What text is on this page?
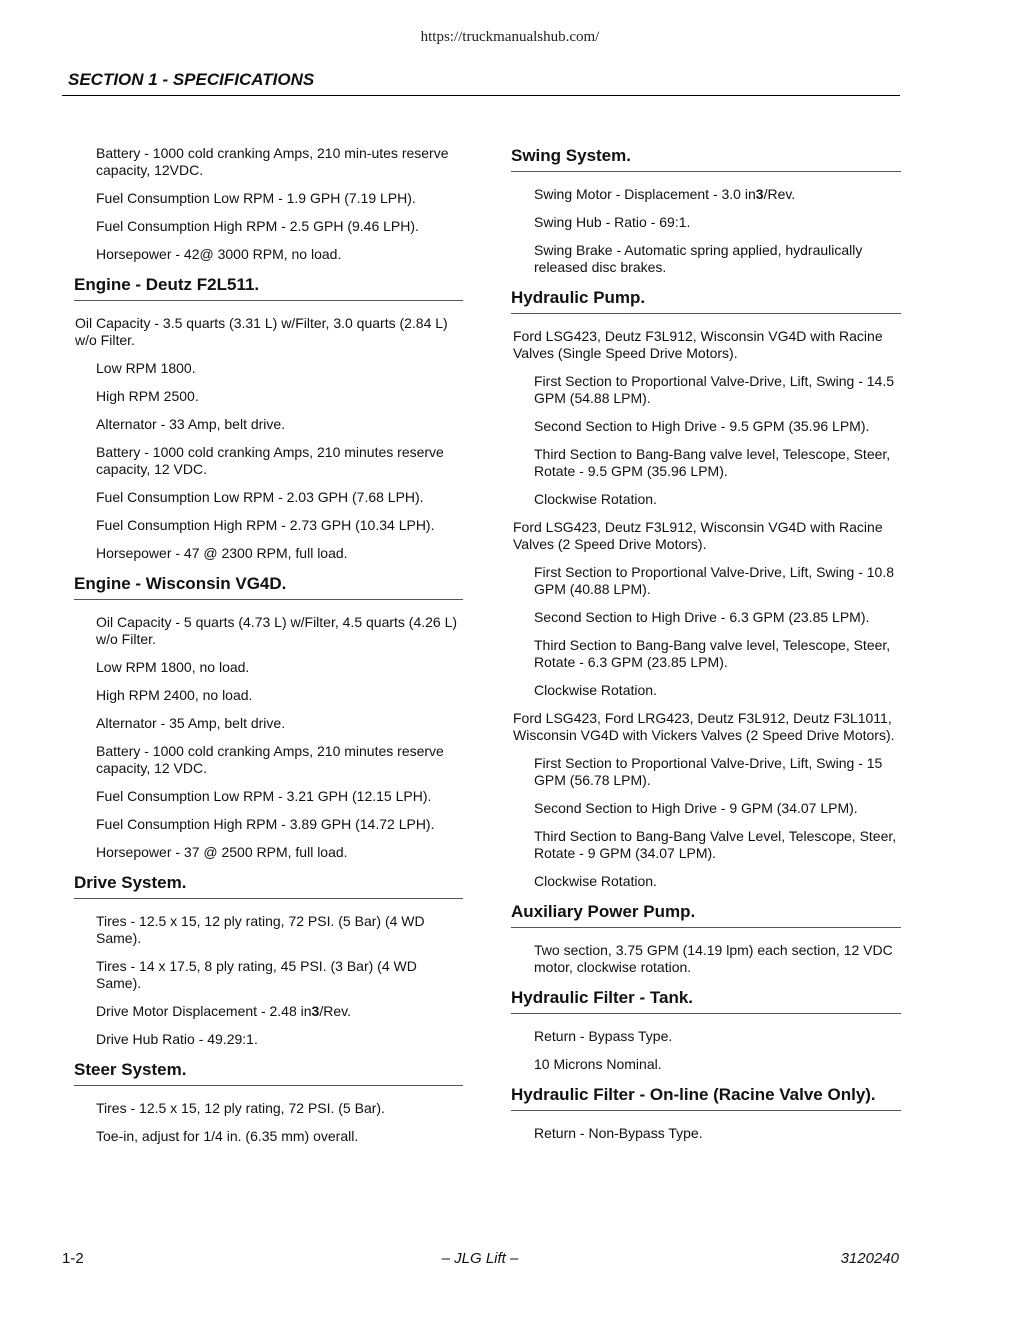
https://truckmanualshub.com/
SECTION 1 - SPECIFICATIONS

Battery - 1000 cold cranking Amps, 210 min-utes reserve capacity, 12VDC.

Fuel Consumption Low RPM - 1.9 GPH (7.19 LPH).

Fuel Consumption High RPM - 2.5 GPH (9.46 LPH).

Horsepower - 42@ 3000 RPM, no load.

Engine - Deutz F2L511.

Oil Capacity - 3.5 quarts (3.31 L) w/Filter, 3.0 quarts (2.84 L) w/o Filter.

Low RPM 1800.

High RPM 2500.

Alternator - 33 Amp, belt drive.

Battery - 1000 cold cranking Amps, 210 minutes reserve capacity, 12 VDC.

Fuel Consumption Low RPM - 2.03 GPH (7.68 LPH).

Fuel Consumption High RPM - 2.73 GPH (10.34 LPH).

Horsepower - 47 @ 2300 RPM, full load.

Engine - Wisconsin VG4D.

Oil Capacity - 5 quarts (4.73 L) w/Filter, 4.5 quarts (4.26 L) w/o Filter.

Low RPM 1800, no load.

High RPM 2400, no load.

Alternator - 35 Amp, belt drive.

Battery - 1000 cold cranking Amps, 210 minutes reserve capacity, 12 VDC.

Fuel Consumption Low RPM - 3.21 GPH (12.15 LPH).

Fuel Consumption High RPM - 3.89 GPH (14.72 LPH).

Horsepower - 37 @ 2500 RPM, full load.

Drive System.

Tires - 12.5 x 15, 12 ply rating, 72 PSI. (5 Bar) (4 WD Same).

Tires - 14 x 17.5, 8 ply rating, 45 PSI. (3 Bar) (4 WD Same).

Drive Motor Displacement - 2.48 in3/Rev.

Drive Hub Ratio - 49.29:1.

Steer System.

Tires - 12.5 x 15, 12 ply rating, 72 PSI. (5 Bar).

Toe-in, adjust for 1/4 in. (6.35 mm) overall.

Swing System.

Swing Motor - Displacement - 3.0 in3/Rev.

Swing Hub - Ratio - 69:1.

Swing Brake - Automatic spring applied, hydraulically released disc brakes.

Hydraulic Pump.

Ford LSG423, Deutz F3L912, Wisconsin VG4D with Racine Valves (Single Speed Drive Motors).

First Section to Proportional Valve-Drive, Lift, Swing - 14.5 GPM (54.88 LPM).

Second Section to High Drive - 9.5 GPM (35.96 LPM).

Third Section to Bang-Bang valve level, Telescope, Steer, Rotate - 9.5 GPM (35.96 LPM).

Clockwise Rotation.

Ford LSG423, Deutz F3L912, Wisconsin VG4D with Racine Valves (2 Speed Drive Motors).

First Section to Proportional Valve-Drive, Lift, Swing - 10.8 GPM (40.88 LPM).

Second Section to High Drive - 6.3 GPM (23.85 LPM).

Third Section to Bang-Bang valve level, Telescope, Steer, Rotate - 6.3 GPM (23.85 LPM).

Clockwise Rotation.

Ford LSG423, Ford LRG423, Deutz F3L912, Deutz F3L1011, Wisconsin VG4D with Vickers Valves (2 Speed Drive Motors).

First Section to Proportional Valve-Drive, Lift, Swing - 15 GPM (56.78 LPM).

Second Section to High Drive - 9 GPM (34.07 LPM).

Third Section to Bang-Bang Valve Level, Telescope, Steer, Rotate - 9 GPM (34.07 LPM).

Clockwise Rotation.

Auxiliary Power Pump.

Two section, 3.75 GPM (14.19 lpm) each section, 12 VDC motor, clockwise rotation.

Hydraulic Filter - Tank.

Return - Bypass Type.

10 Microns Nominal.

Hydraulic Filter - On-line (Racine Valve Only).

Return - Non-Bypass Type.

1-2	– JLG Lift –	3120240
